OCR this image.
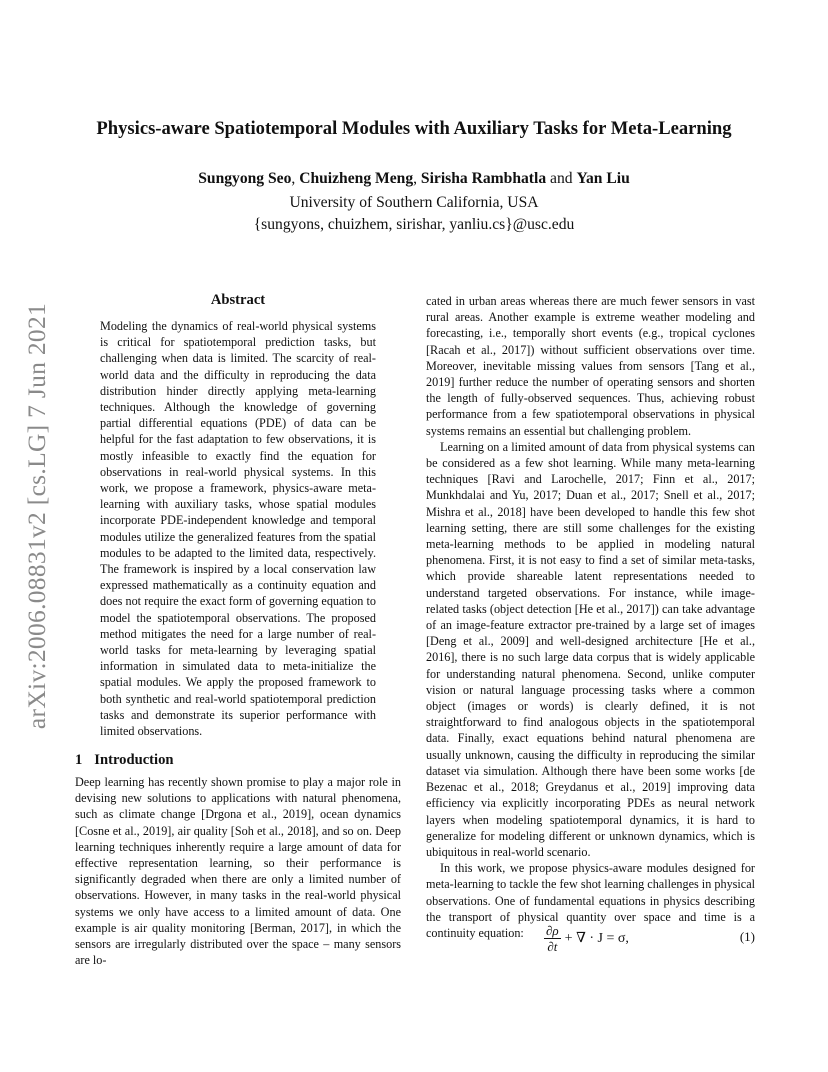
arXiv:2006.08831v2 [cs.LG] 7 Jun 2021
Physics-aware Spatiotemporal Modules with Auxiliary Tasks for Meta-Learning
Sungyong Seo, Chuizheng Meng, Sirisha Rambhatla and Yan Liu
University of Southern California, USA
{sungyons, chuizhem, sirishar, yanliu.cs}@usc.edu
Abstract
Modeling the dynamics of real-world physical systems is critical for spatiotemporal prediction tasks, but challenging when data is limited. The scarcity of real-world data and the difficulty in reproducing the data distribution hinder directly applying meta-learning techniques. Although the knowledge of governing partial differential equations (PDE) of data can be helpful for the fast adaptation to few observations, it is mostly infeasible to exactly find the equation for observations in real-world physical systems. In this work, we propose a framework, physics-aware meta-learning with auxiliary tasks, whose spatial modules incorporate PDE-independent knowledge and temporal modules utilize the generalized features from the spatial modules to be adapted to the limited data, respectively. The framework is inspired by a local conservation law expressed mathematically as a continuity equation and does not require the exact form of governing equation to model the spatiotemporal observations. The proposed method mitigates the need for a large number of real-world tasks for meta-learning by leveraging spatial information in simulated data to meta-initialize the spatial modules. We apply the proposed framework to both synthetic and real-world spatiotemporal prediction tasks and demonstrate its superior performance with limited observations.
1 Introduction
Deep learning has recently shown promise to play a major role in devising new solutions to applications with natural phenomena, such as climate change [Drgona et al., 2019], ocean dynamics [Cosne et al., 2019], air quality [Soh et al., 2018], and so on. Deep learning techniques inherently require a large amount of data for effective representation learning, so their performance is significantly degraded when there are only a limited number of observations. However, in many tasks in the real-world physical systems we only have access to a limited amount of data. One example is air quality monitoring [Berman, 2017], in which the sensors are irregularly distributed over the space – many sensors are lo-

cated in urban areas whereas there are much fewer sensors in vast rural areas. Another example is extreme weather modeling and forecasting, i.e., temporally short events (e.g., tropical cyclones [Racah et al., 2017]) without sufficient observations over time. Moreover, inevitable missing values from sensors [Tang et al., 2019] further reduce the number of operating sensors and shorten the length of fully-observed sequences. Thus, achieving robust performance from a few spatiotemporal observations in physical systems remains an essential but challenging problem.

Learning on a limited amount of data from physical systems can be considered as a few shot learning. While many meta-learning techniques [Ravi and Larochelle, 2017; Finn et al., 2017; Munkhdalai and Yu, 2017; Duan et al., 2017; Snell et al., 2017; Mishra et al., 2018] have been developed to handle this few shot learning setting, there are still some challenges for the existing meta-learning methods to be applied in modeling natural phenomena. First, it is not easy to find a set of similar meta-tasks, which provide shareable latent representations needed to understand targeted observations. For instance, while image-related tasks (object detection [He et al., 2017]) can take advantage of an image-feature extractor pre-trained by a large set of images [Deng et al., 2009] and well-designed architecture [He et al., 2016], there is no such large data corpus that is widely applicable for understanding natural phenomena. Second, unlike computer vision or natural language processing tasks where a common object (images or words) is clearly defined, it is not straightforward to find analogous objects in the spatiotemporal data. Finally, exact equations behind natural phenomena are usually unknown, causing the difficulty in reproducing the similar dataset via simulation. Although there have been some works [de Bezenac et al., 2018; Greydanus et al., 2019] improving data efficiency via explicitly incorporating PDEs as neural network layers when modeling spatiotemporal dynamics, it is hard to generalize for modeling different or unknown dynamics, which is ubiquitous in real-world scenario.

In this work, we propose physics-aware modules designed for meta-learning to tackle the few shot learning challenges in physical observations. One of fundamental equations in physics describing the transport of physical quantity over space and time is a continuity equation:	$\frac{\partial\rho}{\partial t}$ + ∇ · J = σ,	(1)
